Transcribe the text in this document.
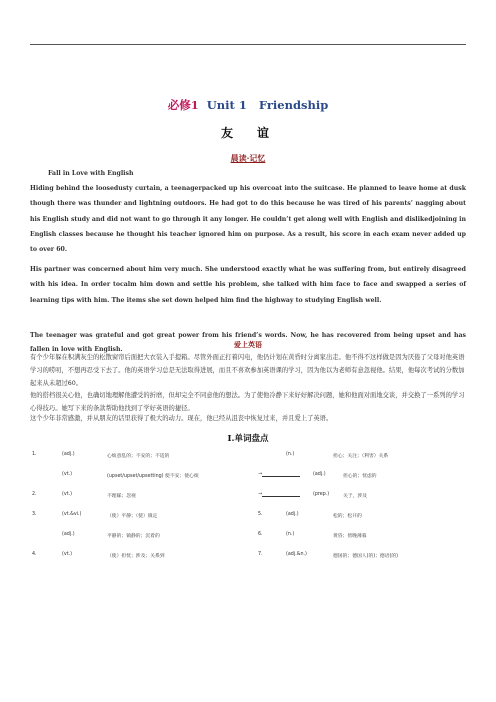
必修1 Unit 1 Friendship
友　谊
晨读·记忆
Fall in Love with English
Hiding behind the loosedusty curtain, a teenagerpacked up his overcoat into the suitcase. He planned to leave home at dusk though there was thunder and lightning outdoors. He had got to do this because he was tired of his parents’ nagging about his English study and did not want to go through it any longer. He couldn’t get along well with English and dislikedjoining in English classes because he thought his teacher ignored him on purpose. As a result, his score in each exam never added up to over 60.
His partner was concerned about him very much. She understood exactly what he was suffering from, but entirely disagreed with his idea. In order tocalm him down and settle his problem, she talked with him face to face and swapped a series of learning tips with him. The items she set down helped him find the highway to studying English well.
The teenager was grateful and got great power from his friend’s words. Now, he has recovered from being upset and has fallen in love with English.	爱上英语
有个少年躲在积满灰尘的松散窗帘后面把大衣装入手提箱。尽管外面正打着闪电，他仍计划在黄昏时分离家出走。他不得不这样做是因为厌倦了父母对他英语学习的唠叨，不想再忍受下去了。他的英语学习总是无法取得进展，而且不喜欢参加英语课的学习，因为他以为老师有意忽视他。结果，他每次考试的分数加起来从未超过60。
他的搭档很关心他，也确切地理解他遭受的折磨，但却完全不同意他的想法。为了使他冷静下来好好解决问题，她和他面对面地交谈，并交换了一系列的学习心得技巧。她写下来的条款帮助他找到了学好英语的捷径。
这个少年非常感激，并从朋友的话里获得了极大的动力。现在，他已经从沮丧中恢复过来，并且爱上了英语。
Ⅰ.单词盘点
1.	(adj.)	心烦意乱的；不安的；不适的
(vt.)	(upset/upset/upsetting) 使不安；使心烦
2.	(vt.)	不理睬；忽视
3.	(vt.&vi.)	（使）平静；（使）镇定
(adj.)	平静的；镇静的；沉着的
4.	(vt.)	（使）担忧；涉及；关系到
(n.)	担心；关注；（利害）关系
→	(adj.)	担心的；忧虑的
→	(prep.)	关于，涉及
5.	(adj.)	松的；松开的
6.	(n.)	黄昏；傍晚薄暮
7.	(adj.&n.)	德国的；德国人(的)；德语(的)
